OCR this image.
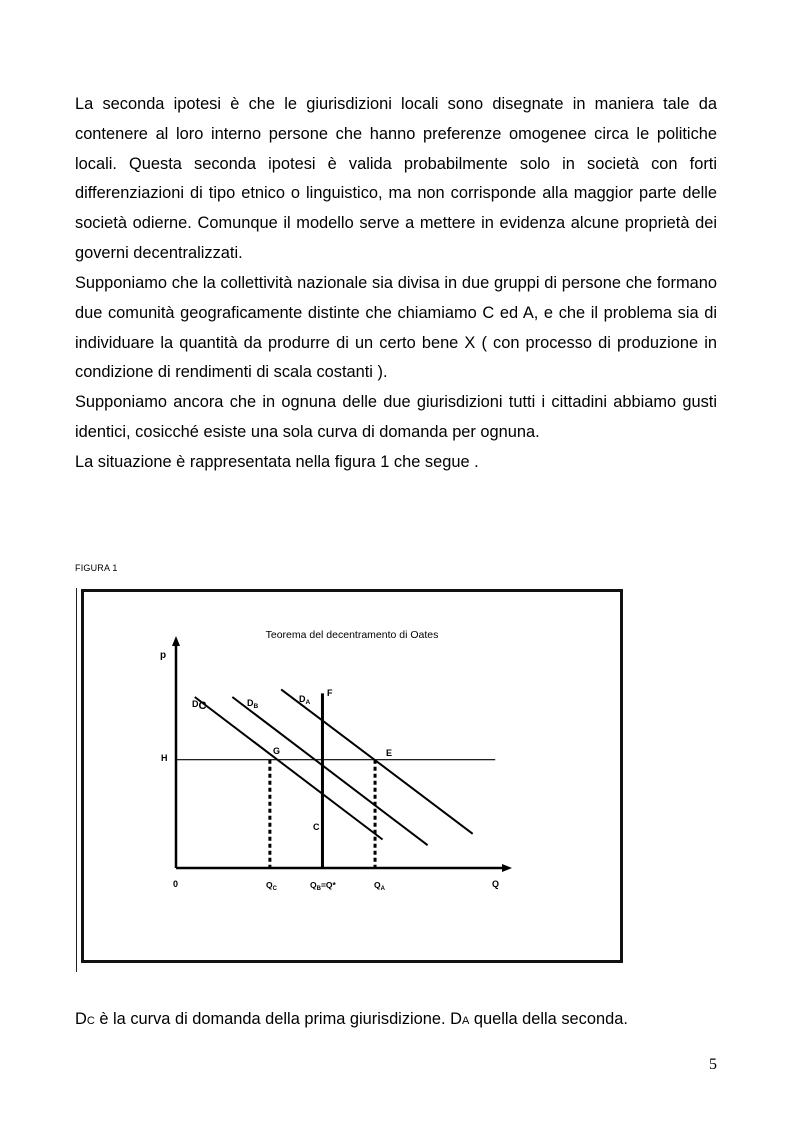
La seconda ipotesi è che le giurisdizioni locali sono disegnate in maniera tale da contenere al loro interno persone che hanno preferenze omogenee circa le politiche locali. Questa seconda ipotesi è valida probabilmente solo in società con forti differenziazioni di tipo etnico o linguistico, ma non corrisponde alla maggior parte delle società odierne. Comunque il modello serve a mettere in evidenza alcune proprietà dei governi decentralizzati.

Supponiamo che la collettività nazionale sia divisa in due gruppi di persone che formano due comunità geograficamente distinte che chiamiamo C ed A, e che il problema sia di individuare la quantità da produrre di un certo bene X ( con processo di produzione in condizione di rendimenti di scala costanti ).

Supponiamo ancora che in ognuna delle due giurisdizioni tutti i cittadini abbiamo gusti identici, cosicché esiste una sola curva di domanda per ognuna.

La situazione è rappresentata nella figura 1 che segue .

FIGURA 1
Teorema del decentramento di Oates
p
Q
0
H
G	E
F
C
DC	$D_B$
$D_A$
$Q_C$	$Q_B=Q*$	$Q_A$
DC è la curva di domanda della prima giurisdizione. DA quella della seconda.
5
